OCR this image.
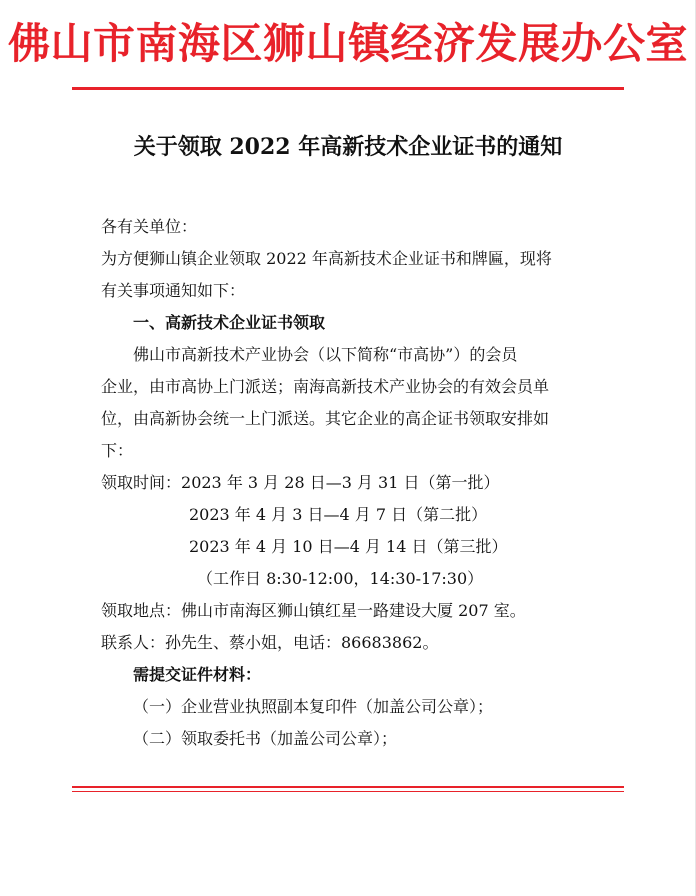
佛山市南海区狮山镇经济发展办公室
关于领取 2022 年高新技术企业证书的通知
各有关单位：
为方便狮山镇企业领取 2022 年高新技术企业证书和牌匾，现将
有关事项通知如下：
一、高新技术企业证书领取
佛山市高新技术产业协会（以下简称“市高协”）的会员
企业，由市高协上门派送；南海高新技术产业协会的有效会员单
位，由高新协会统一上门派送。其它企业的高企证书领取安排如
下：
领取时间：2023 年 3 月 28 日—3 月 31 日（第一批）
2023 年 4 月 3 日—4 月 7 日（第二批）
2023 年 4 月 10 日—4 月 14 日（第三批）
（工作日 8:30-12:00，14:30-17:30）
领取地点：佛山市南海区狮山镇红星一路建设大厦 207 室。
联系人：孙先生、蔡小姐，电话：86683862。
需提交证件材料：
（一）企业营业执照副本复印件（加盖公司公章）；
（二）领取委托书（加盖公司公章）；
